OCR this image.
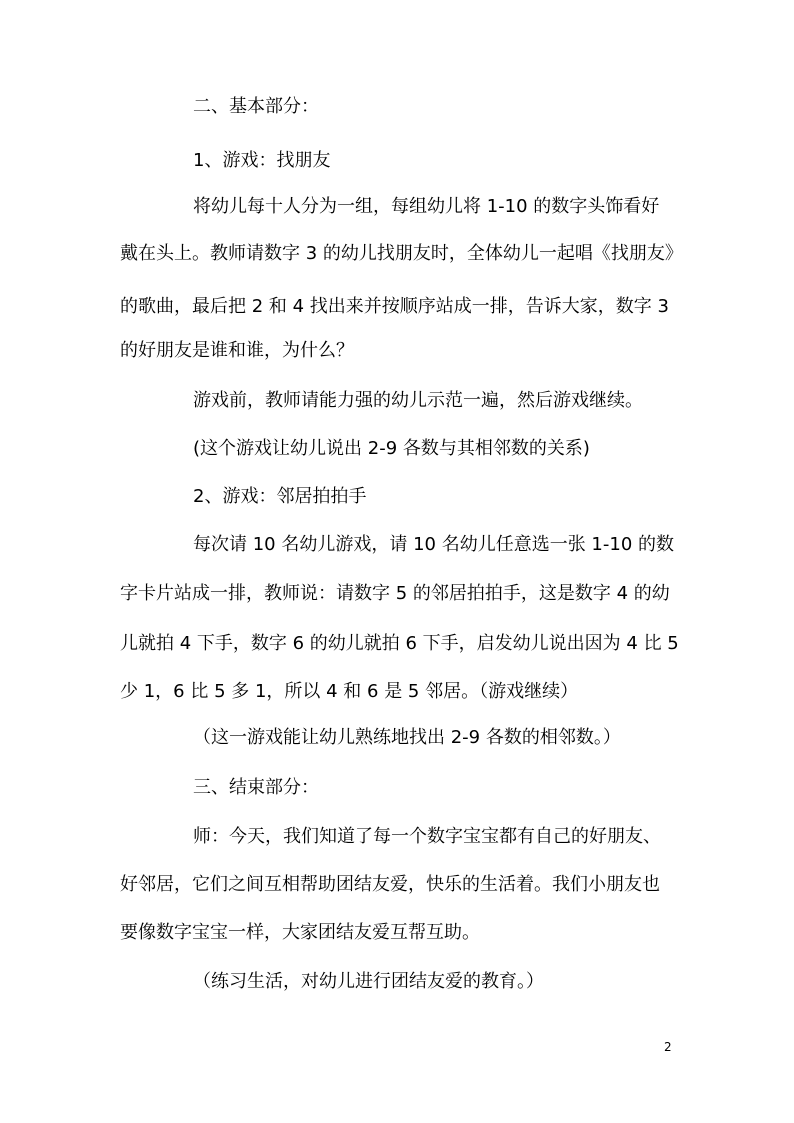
二、基本部分：
1、游戏：找朋友
将幼儿每十人分为一组，每组幼儿将 1-10 的数字头饰看好
戴在头上。教师请数字 3 的幼儿找朋友时，全体幼儿一起唱《找朋友》
的歌曲，最后把 2 和 4 找出来并按顺序站成一排，告诉大家，数字 3
的好朋友是谁和谁，为什么？
游戏前，教师请能力强的幼儿示范一遍，然后游戏继续。
(这个游戏让幼儿说出 2-9 各数与其相邻数的关系)
2、游戏：邻居拍拍手
每次请 10 名幼儿游戏，请 10 名幼儿任意选一张 1-10 的数
字卡片站成一排，教师说：请数字 5 的邻居拍拍手，这是数字 4 的幼
儿就拍 4 下手，数字 6 的幼儿就拍 6 下手，启发幼儿说出因为 4 比 5
少 1，6 比 5 多 1，所以 4 和 6 是 5 邻居。（游戏继续）
（这一游戏能让幼儿熟练地找出 2-9 各数的相邻数。）
三、结束部分：
师：今天，我们知道了每一个数字宝宝都有自己的好朋友、
好邻居，它们之间互相帮助团结友爱，快乐的生活着。我们小朋友也
要像数字宝宝一样，大家团结友爱互帮互助。
（练习生活，对幼儿进行团结友爱的教育。）
2
